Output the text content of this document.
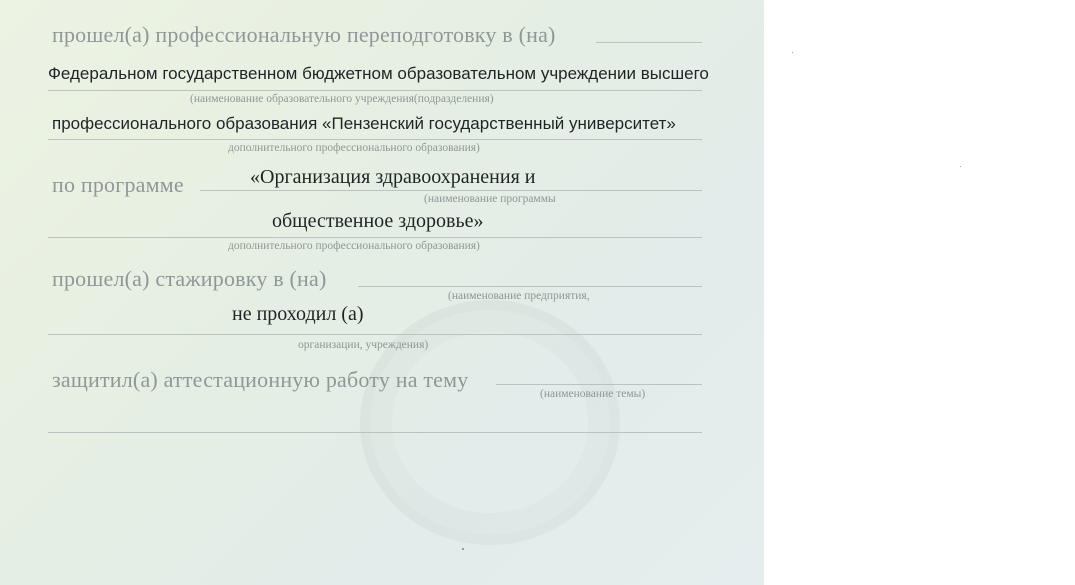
прошел(а) профессиональную переподготовку в (на)
Федеральном государственном бюджетном образовательном учреждении высшего
(наименование образовательного учреждения(подразделения)
профессионального образования «Пензенский государственный университет»
дополнительного профессионального образования)
по программе	«Организация здравоохранения и
(наименование программы
общественное здоровье»
дополнительного профессионального образования)
прошел(а) стажировку в (на)
(наименование предприятия,
не проходил (а)
организации, учреждения)
защитил(а) аттестационную работу на тему
(наименование темы)
